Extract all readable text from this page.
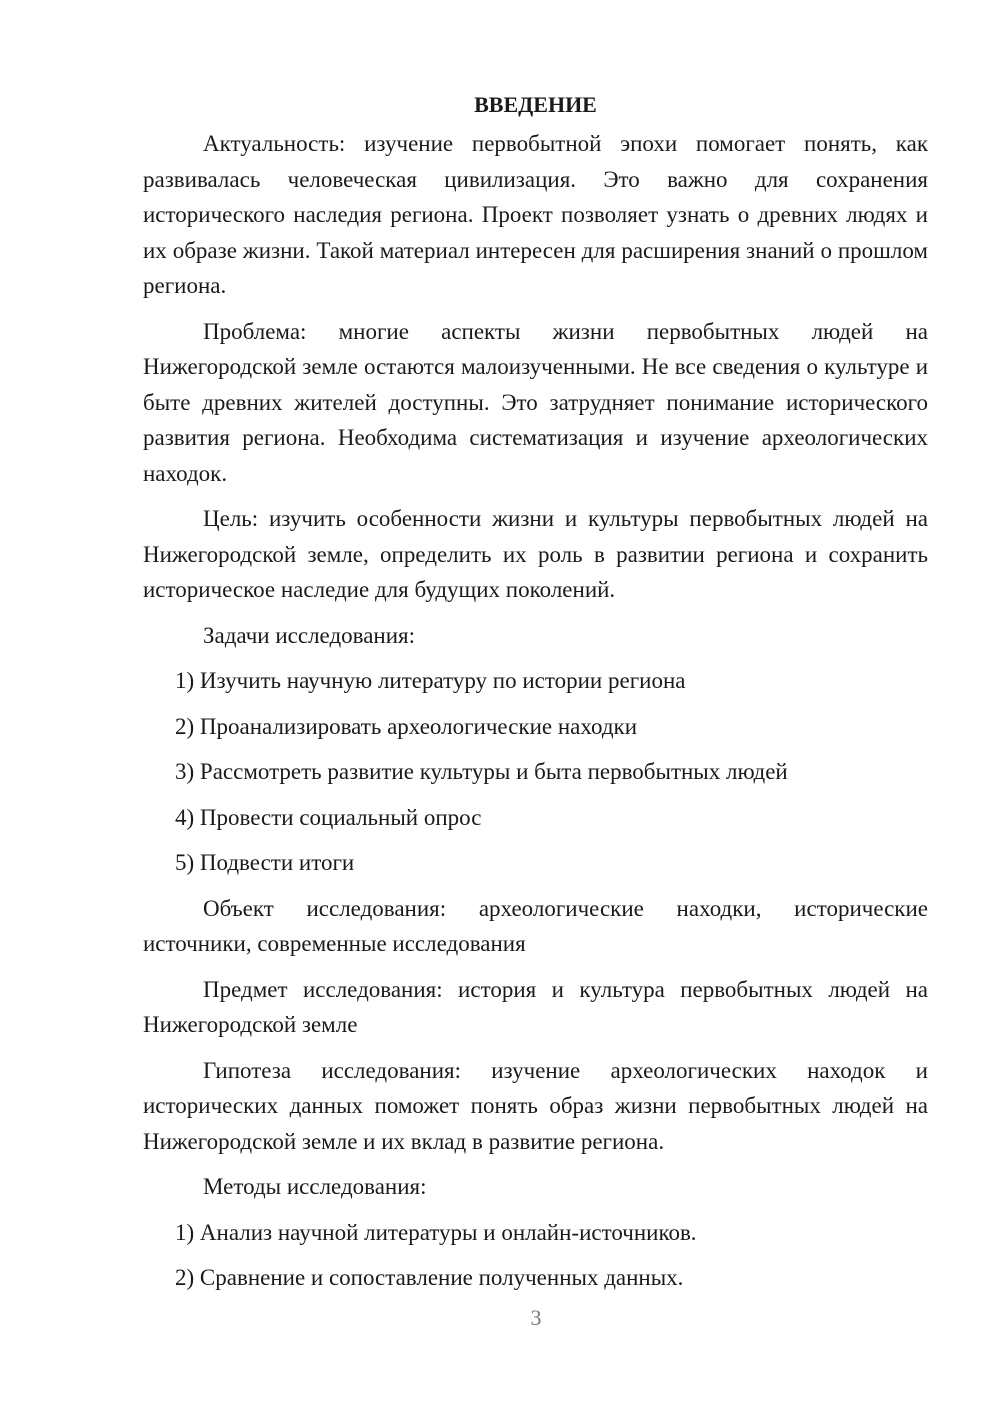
ВВЕДЕНИЕ

Актуальность: изучение первобытной эпохи помогает понять, как развивалась человеческая цивилизация. Это важно для сохранения исторического наследия региона. Проект позволяет узнать о древних людях и их образе жизни. Такой материал интересен для расширения знаний о прошлом региона.

Проблема: многие аспекты жизни первобытных людей на Нижегородской земле остаются малоизученными. Не все сведения о культуре и быте древних жителей доступны. Это затрудняет понимание исторического развития региона. Необходима систематизация и изучение археологических находок.

Цель: изучить особенности жизни и культуры первобытных людей на Нижегородской земле, определить их роль в развитии региона и сохранить историческое наследие для будущих поколений.

Задачи исследования:

1) Изучить научную литературу по истории региона
2) Проанализировать археологические находки
3) Рассмотреть развитие культуры и быта первобытных людей
4) Провести социальный опрос
5) Подвести итоги

Объект исследования: археологические находки, исторические источники, современные исследования

Предмет исследования: история и культура первобытных людей на Нижегородской земле

Гипотеза исследования: изучение археологических находок и исторических данных поможет понять образ жизни первобытных людей на Нижегородской земле и их вклад в развитие региона.

Методы исследования:

1) Анализ научной литературы и онлайн-источников.
2) Сравнение и сопоставление полученных данных.
3
